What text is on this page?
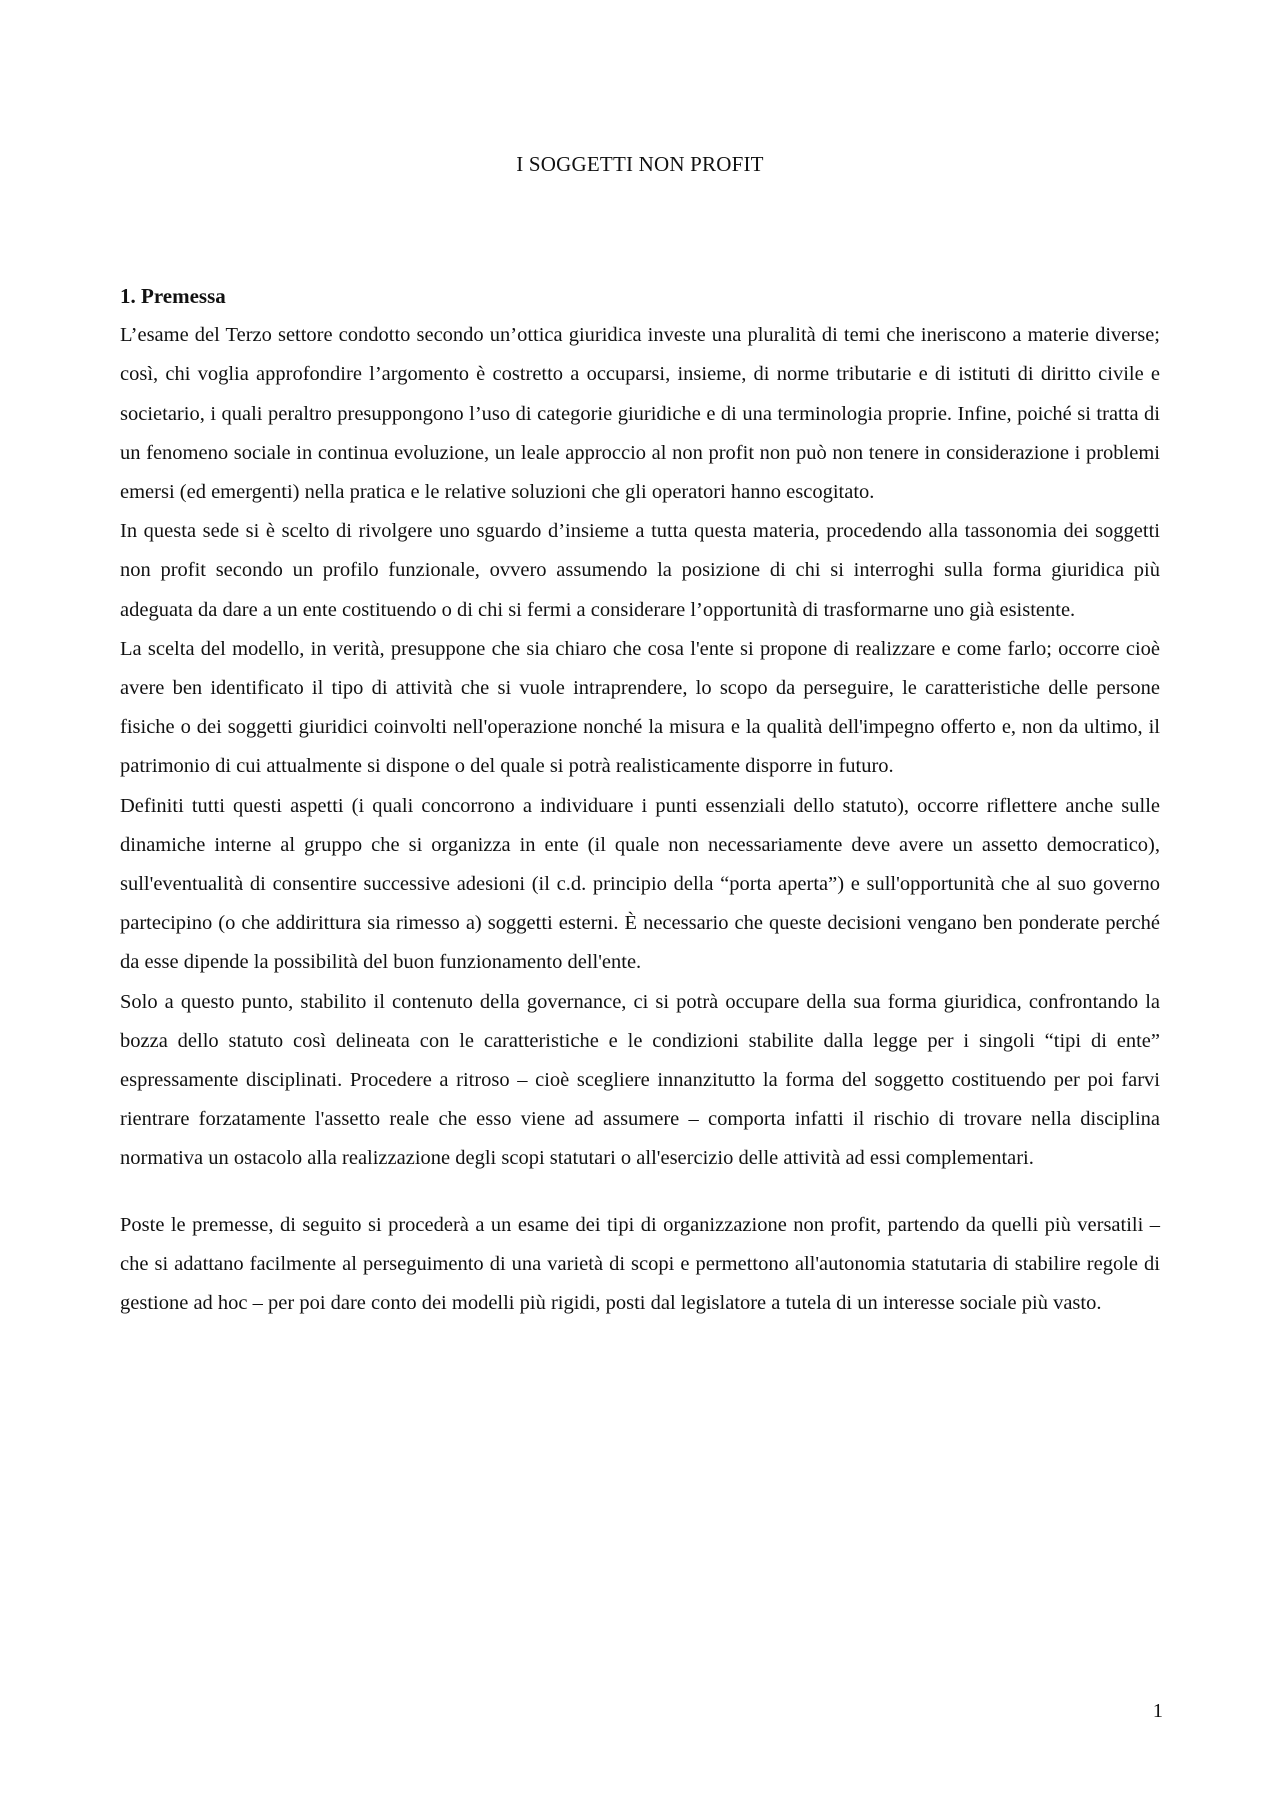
I SOGGETTI NON PROFIT
1. Premessa

L’esame del Terzo settore condotto secondo un’ottica giuridica investe una pluralità di temi che ineriscono a materie diverse; così, chi voglia approfondire l’argomento è costretto a occuparsi, insieme, di norme tributarie e di istituti di diritto civile e societario, i quali peraltro presuppongono l’uso di categorie giuridiche e di una terminologia proprie. Infine, poiché si tratta di un fenomeno sociale in continua evoluzione, un leale approccio al non profit non può non tenere in considerazione i problemi emersi (ed emergenti) nella pratica e le relative soluzioni che gli operatori hanno escogitato.

In questa sede si è scelto di rivolgere uno sguardo d’insieme a tutta questa materia, procedendo alla tassonomia dei soggetti non profit secondo un profilo funzionale, ovvero assumendo la posizione di chi si interroghi sulla forma giuridica più adeguata da dare a un ente costituendo o di chi si fermi a considerare l’opportunità di trasformarne uno già esistente.

La scelta del modello, in verità, presuppone che sia chiaro che cosa l'ente si propone di realizzare e come farlo; occorre cioè avere ben identificato il tipo di attività che si vuole intraprendere, lo scopo da perseguire, le caratteristiche delle persone fisiche o dei soggetti giuridici coinvolti nell'operazione nonché la misura e la qualità dell'impegno offerto e, non da ultimo, il patrimonio di cui attualmente si dispone o del quale si potrà realisticamente disporre in futuro.

Definiti tutti questi aspetti (i quali concorrono a individuare i punti essenziali dello statuto), occorre riflettere anche sulle dinamiche interne al gruppo che si organizza in ente (il quale non necessariamente deve avere un assetto democratico), sull'eventualità di consentire successive adesioni (il c.d. principio della “porta aperta”) e sull'opportunità che al suo governo partecipino (o che addirittura sia rimesso a) soggetti esterni. È necessario che queste decisioni vengano ben ponderate perché da esse dipende la possibilità del buon funzionamento dell'ente.

Solo a questo punto, stabilito il contenuto della governance, ci si potrà occupare della sua forma giuridica, confrontando la bozza dello statuto così delineata con le caratteristiche e le condizioni stabilite dalla legge per i singoli “tipi di ente” espressamente disciplinati. Procedere a ritroso – cioè scegliere innanzitutto la forma del soggetto costituendo per poi farvi rientrare forzatamente l'assetto reale che esso viene ad assumere – comporta infatti il rischio di trovare nella disciplina normativa un ostacolo alla realizzazione degli scopi statutari o all'esercizio delle attività ad essi complementari.

Poste le premesse, di seguito si procederà a un esame dei tipi di organizzazione non profit, partendo da quelli più versatili – che si adattano facilmente al perseguimento di una varietà di scopi e permettono all'autonomia statutaria di stabilire regole di gestione ad hoc – per poi dare conto dei modelli più rigidi, posti dal legislatore a tutela di un interesse sociale più vasto.

1
